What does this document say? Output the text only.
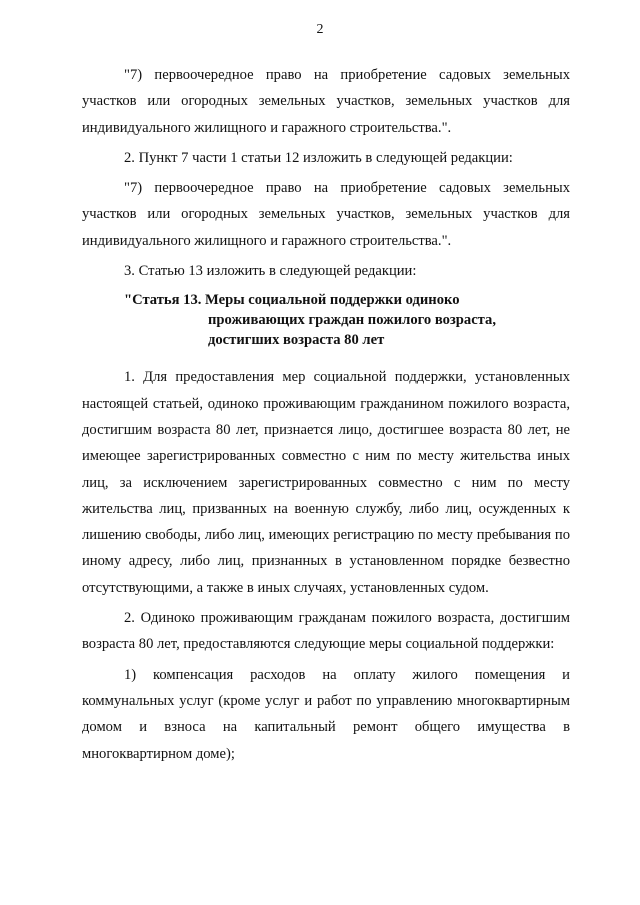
2

"7) первоочередное право на приобретение садовых земельных участков или огородных земельных участков, земельных участков для индивидуального жилищного и гаражного строительства.".

2. Пункт 7 части 1 статьи 12 изложить в следующей редакции:

"7) первоочередное право на приобретение садовых земельных участков или огородных земельных участков, земельных участков для индивидуального жилищного и гаражного строительства.".

3. Статью 13 изложить в следующей редакции:

"Статья 13. Меры социальной поддержки одиноко
проживающих граждан пожилого возраста,
достигших возраста 80 лет

1. Для предоставления мер социальной поддержки, установленных настоящей статьей, одиноко проживающим гражданином пожилого возраста, достигшим возраста 80 лет, признается лицо, достигшее возраста 80 лет, не имеющее зарегистрированных совместно с ним по месту жительства иных лиц, за исключением зарегистрированных совместно с ним по месту жительства лиц, призванных на военную службу, либо лиц, осужденных к лишению свободы, либо лиц, имеющих регистрацию по месту пребывания по иному адресу, либо лиц, признанных в установленном порядке безвестно отсутствующими, а также в иных случаях, установленных судом.

2. Одиноко проживающим гражданам пожилого возраста, достигшим возраста 80 лет, предоставляются следующие меры социальной поддержки:

1) компенсация расходов на оплату жилого помещения и коммунальных услуг (кроме услуг и работ по управлению многоквартирным домом и взноса на капитальный ремонт общего имущества в многоквартирном доме);
